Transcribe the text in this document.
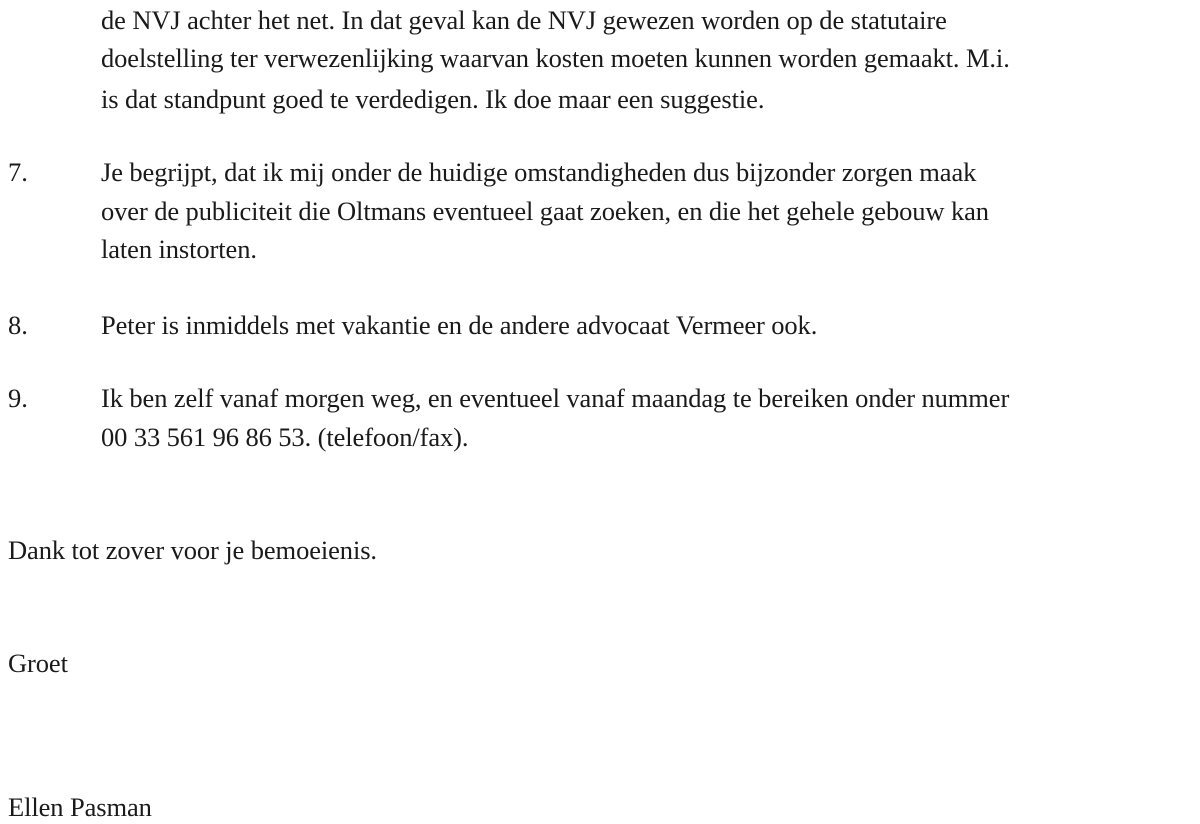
de NVJ achter het net. In dat geval kan de NVJ gewezen worden op de statutaire
doelstelling ter verwezenlijking waarvan kosten moeten kunnen worden gemaakt. M.i.
is dat standpunt goed te verdedigen. Ik doe maar een suggestie.
7.	Je begrijpt, dat ik mij onder de huidige omstandigheden dus bijzonder zorgen maak
over de publiciteit die Oltmans eventueel gaat zoeken, en die het gehele gebouw kan
laten instorten.
8.	Peter is inmiddels met vakantie en de andere advocaat Vermeer ook.
9.	Ik ben zelf vanaf morgen weg, en eventueel vanaf maandag te bereiken onder nummer
00 33 561 96 86 53. (telefoon/fax).
Dank tot zover voor je bemoeienis.
Groet
Ellen Pasman
